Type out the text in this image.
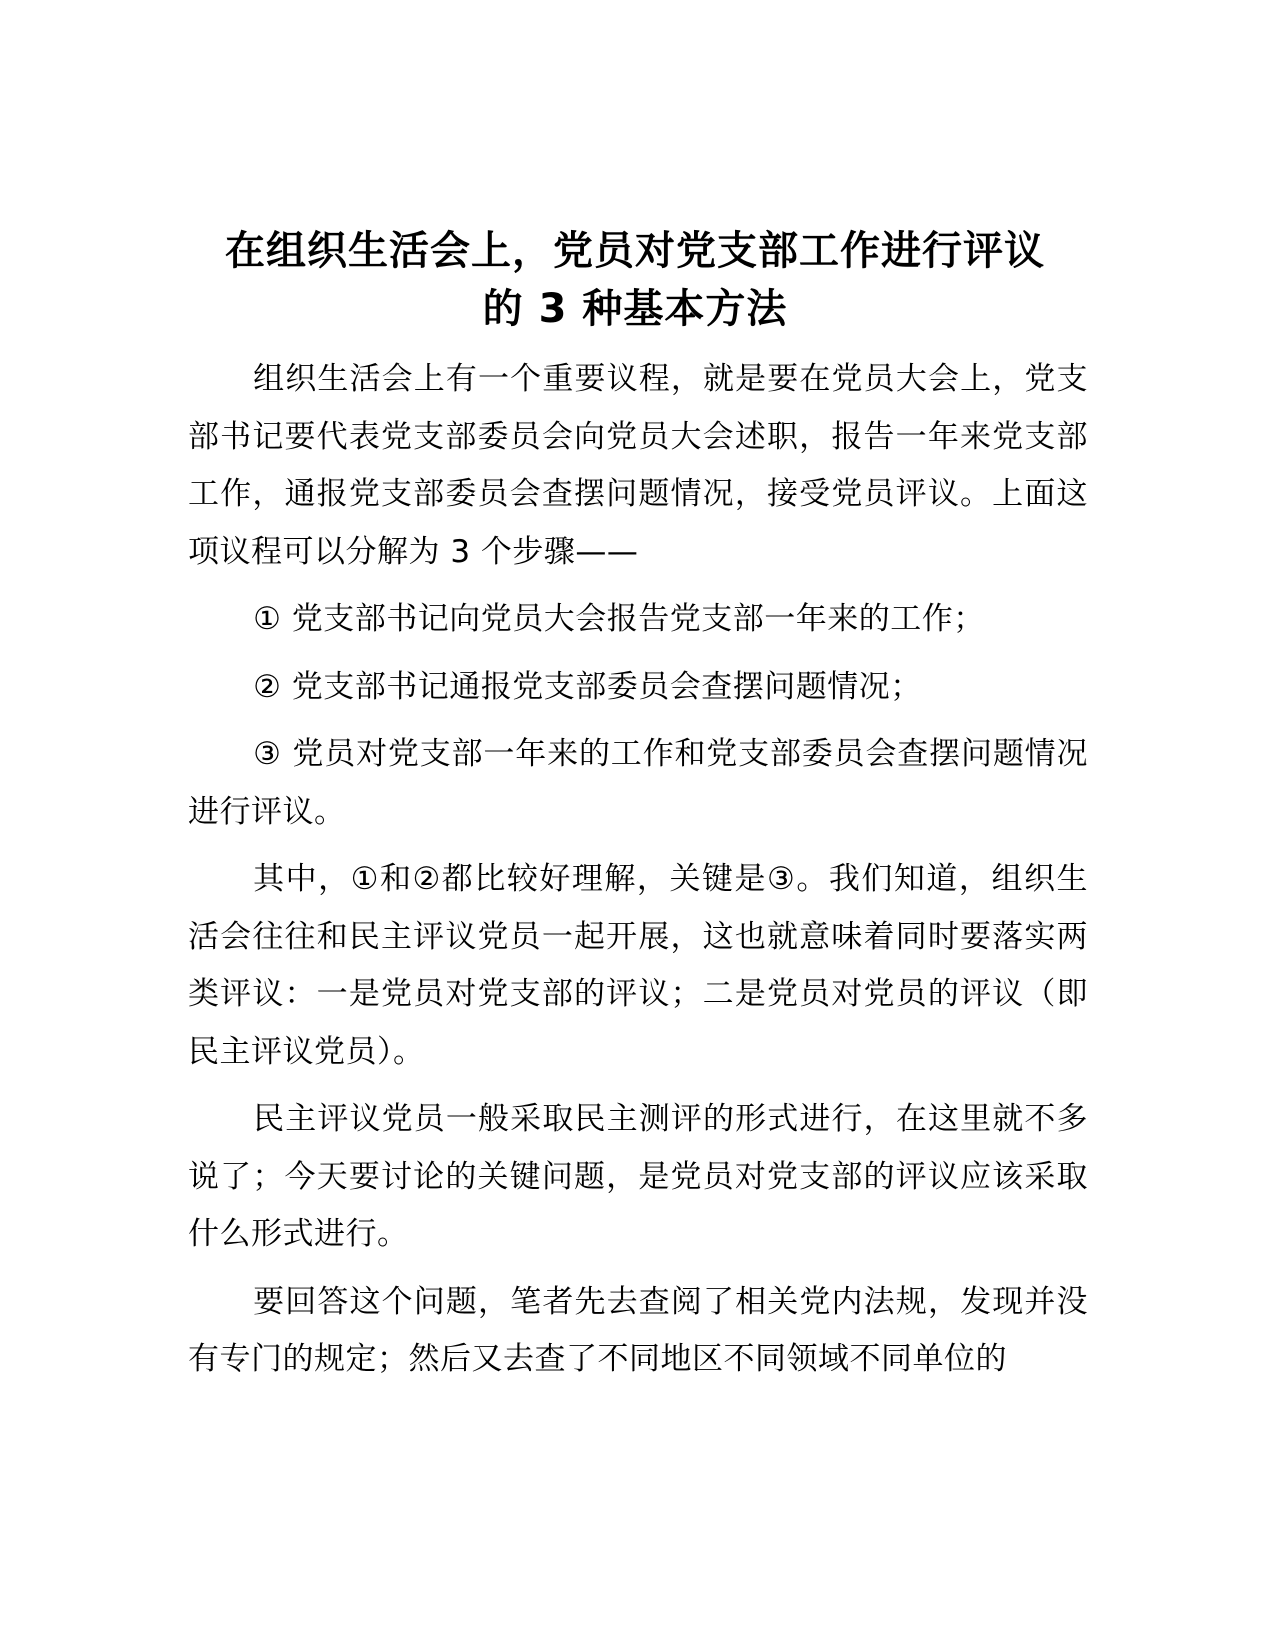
在组织生活会上，党员对党支部工作进行评议
的 3 种基本方法

组织生活会上有一个重要议程，就是要在党员大会上，党支部书记要代表党支部委员会向党员大会述职，报告一年来党支部工作，通报党支部委员会查摆问题情况，接受党员评议。上面这项议程可以分解为 3 个步骤——

① 党支部书记向党员大会报告党支部一年来的工作；

② 党支部书记通报党支部委员会查摆问题情况；

③ 党员对党支部一年来的工作和党支部委员会查摆问题情况进行评议。

其中，①和②都比较好理解，关键是③。我们知道，组织生活会往往和民主评议党员一起开展，这也就意味着同时要落实两类评议：一是党员对党支部的评议；二是党员对党员的评议（即民主评议党员）。

民主评议党员一般采取民主测评的形式进行，在这里就不多说了；今天要讨论的关键问题，是党员对党支部的评议应该采取什么形式进行。

要回答这个问题，笔者先去查阅了相关党内法规，发现并没有专门的规定；然后又去查了不同地区不同领域不同单位的
